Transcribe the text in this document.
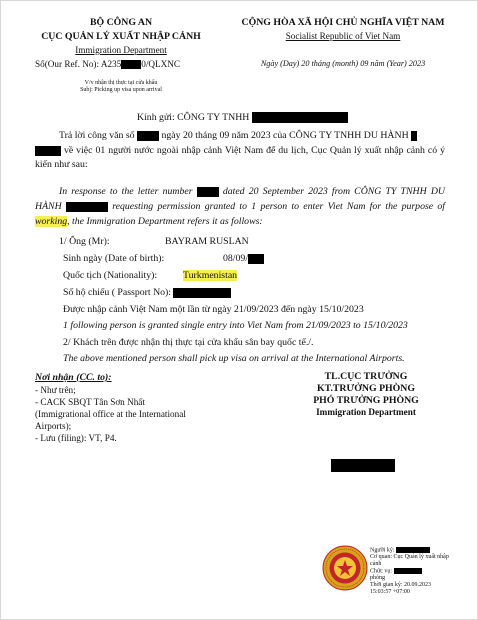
BỘ CÔNG AN
CỤC QUẢN LÝ XUẤT NHẬP CẢNH
Immigration Department
Số(Our Ref. No): A235 0/QLXNC
V/v nhận thị thực tại cửa khẩu
Subj: Picking up visa upon arrival
CỘNG HÒA XÃ HỘI CHỦ NGHĨA VIỆT NAM
Socialist Republic of Viet Nam
Ngày (Day) 20 tháng (month) 09 năm (Year) 2023
Kính gửi: CÔNG TY TNHH
Trả lời công văn số	ngày 20 tháng 09 năm 2023 của CÔNG TY TNHH DU HÀNH
về việc 01 người nước ngoài nhập cảnh Việt Nam để du lịch, Cục Quản lý xuất nhập cảnh có ý kiến như sau:
In response to the letter number	dated 20 September 2023 from CÔNG TY TNHH DU HÀNH	requesting permission granted to 1 person to enter Viet Nam for the purpose of working, the Immigration Department refers it as follows:
1/ Ông (Mr):	BAYRAM RUSLAN
Sinh ngày (Date of birth):	08/09/
Quốc tịch (Nationality):	Turkmenistan
Số hộ chiếu ( Passport No):
Được nhập cảnh Việt Nam một lần từ ngày 21/09/2023 đến ngày 15/10/2023
1 following person is granted single entry into Viet Nam from 21/09/2023 to 15/10/2023
2/ Khách trên được nhận thị thực tại cửa khẩu sân bay quốc tế./.
The above mentioned person shall pick up visa on arrival at the International Airports.
Nơi nhận (CC. to):
- Như trên;
- CACK SBQT Tân Sơn Nhất
(Immigrational office at the International
Airports);
- Lưu (filing): VT, P4.
TL.CỤC TRƯỞNG
KT.TRƯỞNG PHÒNG
PHÓ TRƯỞNG PHÒNG
Immigration Department
Người ký:
Cơ quan: Cục Quản lý xuất nhập cảnh
Chức vụ:
phòng
Thời gian ký: 20.09.2023 15:03:57 +07:00
